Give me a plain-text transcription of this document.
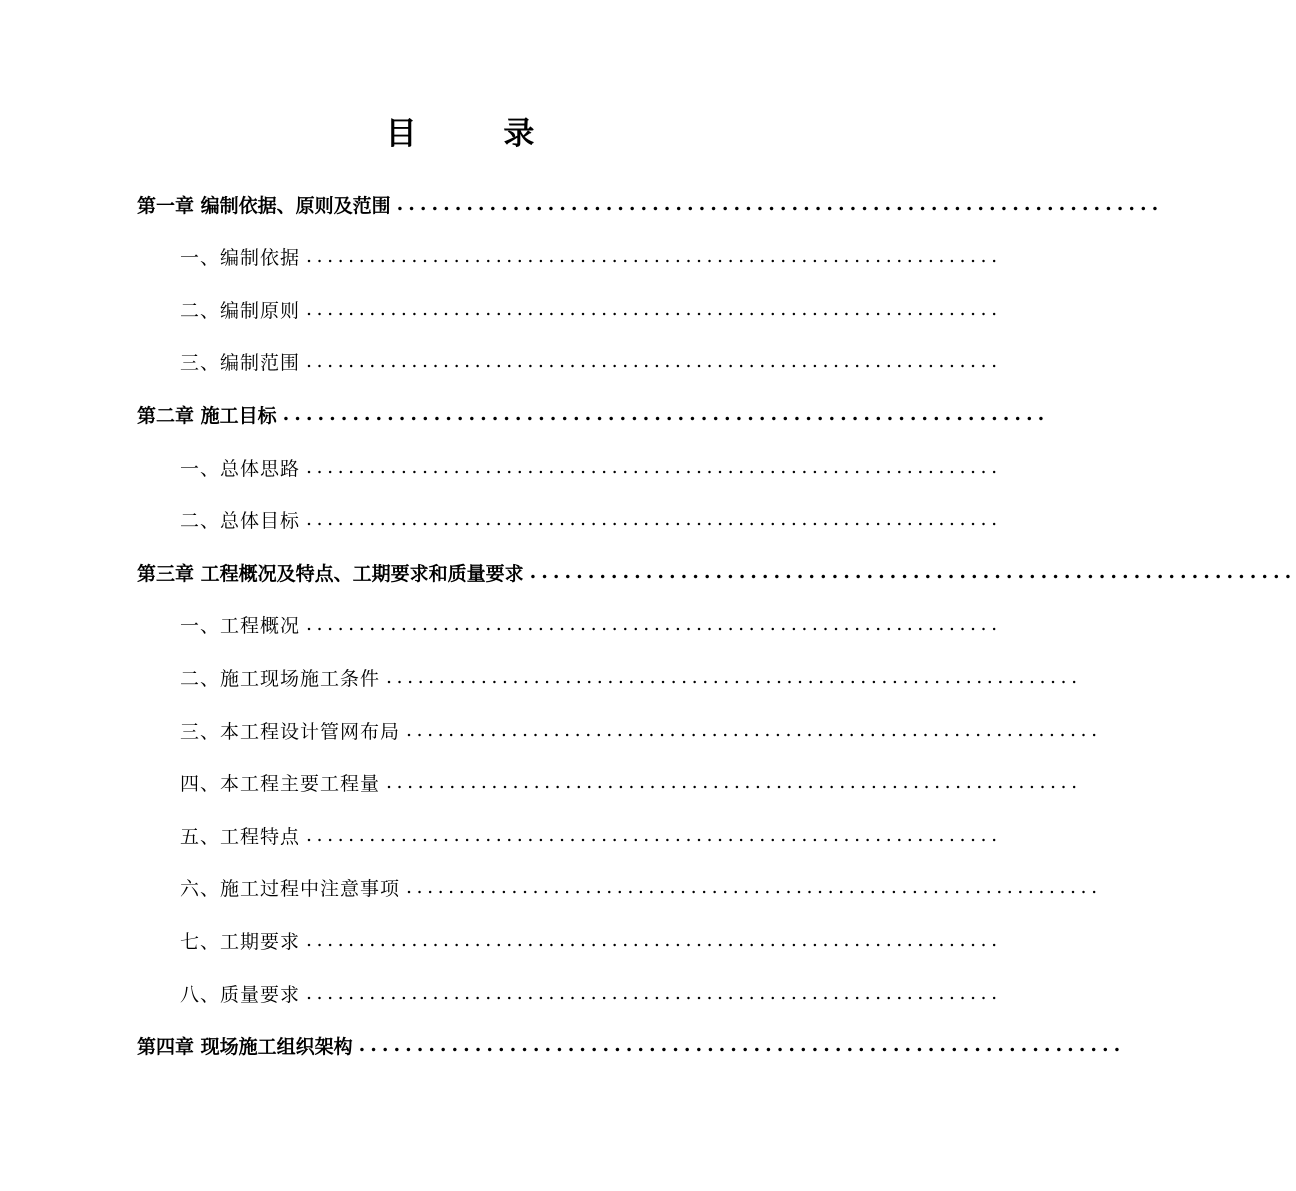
目 录
第一章 编制依据、原则及范围 ..................................................................
一、编制依据 ..................................................................
二、编制原则 ..................................................................
三、编制范围 ..................................................................
第二章 施工目标 ..................................................................
一、总体思路 ..................................................................
二、总体目标 ..................................................................
第三章 工程概况及特点、工期要求和质量要求 ..................................................................
一、工程概况 ..................................................................
二、施工现场施工条件 ..................................................................
三、本工程设计管网布局 ..................................................................
四、本工程主要工程量 ..................................................................
五、工程特点 ..................................................................
六、施工过程中注意事项 ..................................................................
七、工期要求 ..................................................................
八、质量要求 ..................................................................
第四章 现场施工组织架构 ..................................................................
